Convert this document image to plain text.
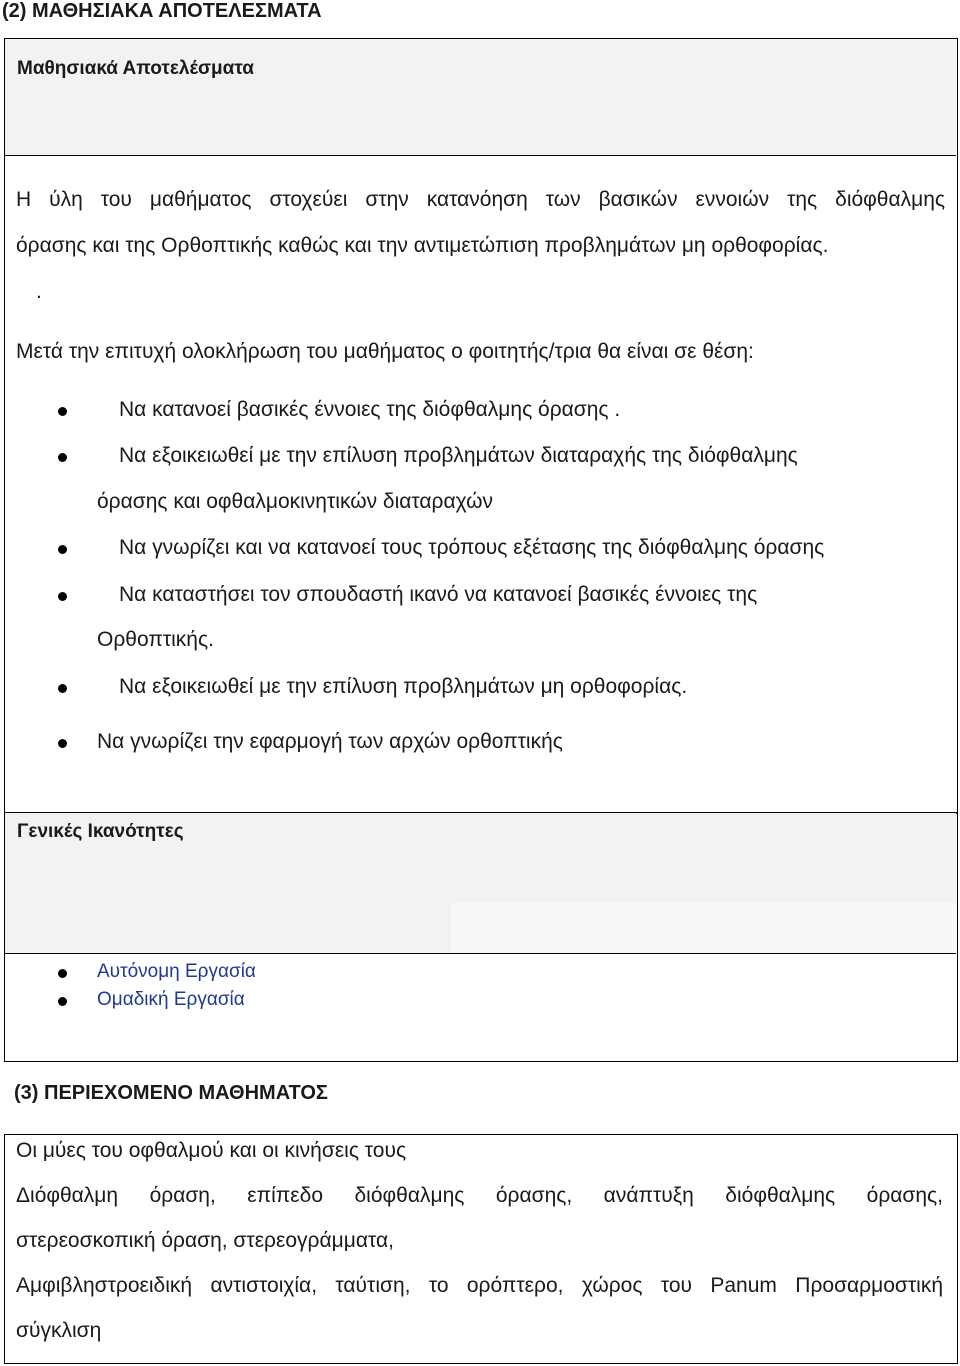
(2) ΜΑΘΗΣΙΑΚΑ ΑΠΟΤΕΛΕΣΜΑΤΑ
Μαθησιακά Αποτελέσματα
Η ύλη του μαθήματος στοχεύει στην κατανόηση των βασικών εννοιών της διόφθαλμης
όρασης και της Ορθοπτικής καθώς και την αντιμετώπιση προβλημάτων μη ορθοφορίας.
.
Μετά την επιτυχή ολοκλήρωση του μαθήματος ο φοιτητής/τρια θα είναι σε θέση:
Να κατανοεί βασικές έννοιες της διόφθαλμης όρασης .
Να εξοικειωθεί με την επίλυση προβλημάτων διαταραχής της διόφθαλμης
όρασης και οφθαλμοκινητικών διαταραχών
Να γνωρίζει και να κατανοεί τους τρόπους εξέτασης της διόφθαλμης όρασης
Να καταστήσει τον σπουδαστή ικανό να κατανοεί βασικές έννοιες της
Ορθοπτικής.
Να εξοικειωθεί με την επίλυση προβλημάτων μη ορθοφορίας.
Να γνωρίζει την εφαρμογή των αρχών ορθοπτικής
Γενικές Ικανότητες
Αυτόνομη Εργασία
Ομαδική Εργασία
(3) ΠΕΡΙΕΧΟΜΕΝΟ ΜΑΘΗΜΑΤΟΣ
Οι μύες του οφθαλμού και οι κινήσεις τους
Διόφθαλμη όραση, επίπεδο διόφθαλμης όρασης, ανάπτυξη διόφθαλμης όρασης,
στερεοσκοπική όραση, στερεογράμματα,
Αμφιβληστροειδική αντιστοιχία, ταύτιση, το ορόπτερο, χώρος του Panum Προσαρμοστική
σύγκλιση
